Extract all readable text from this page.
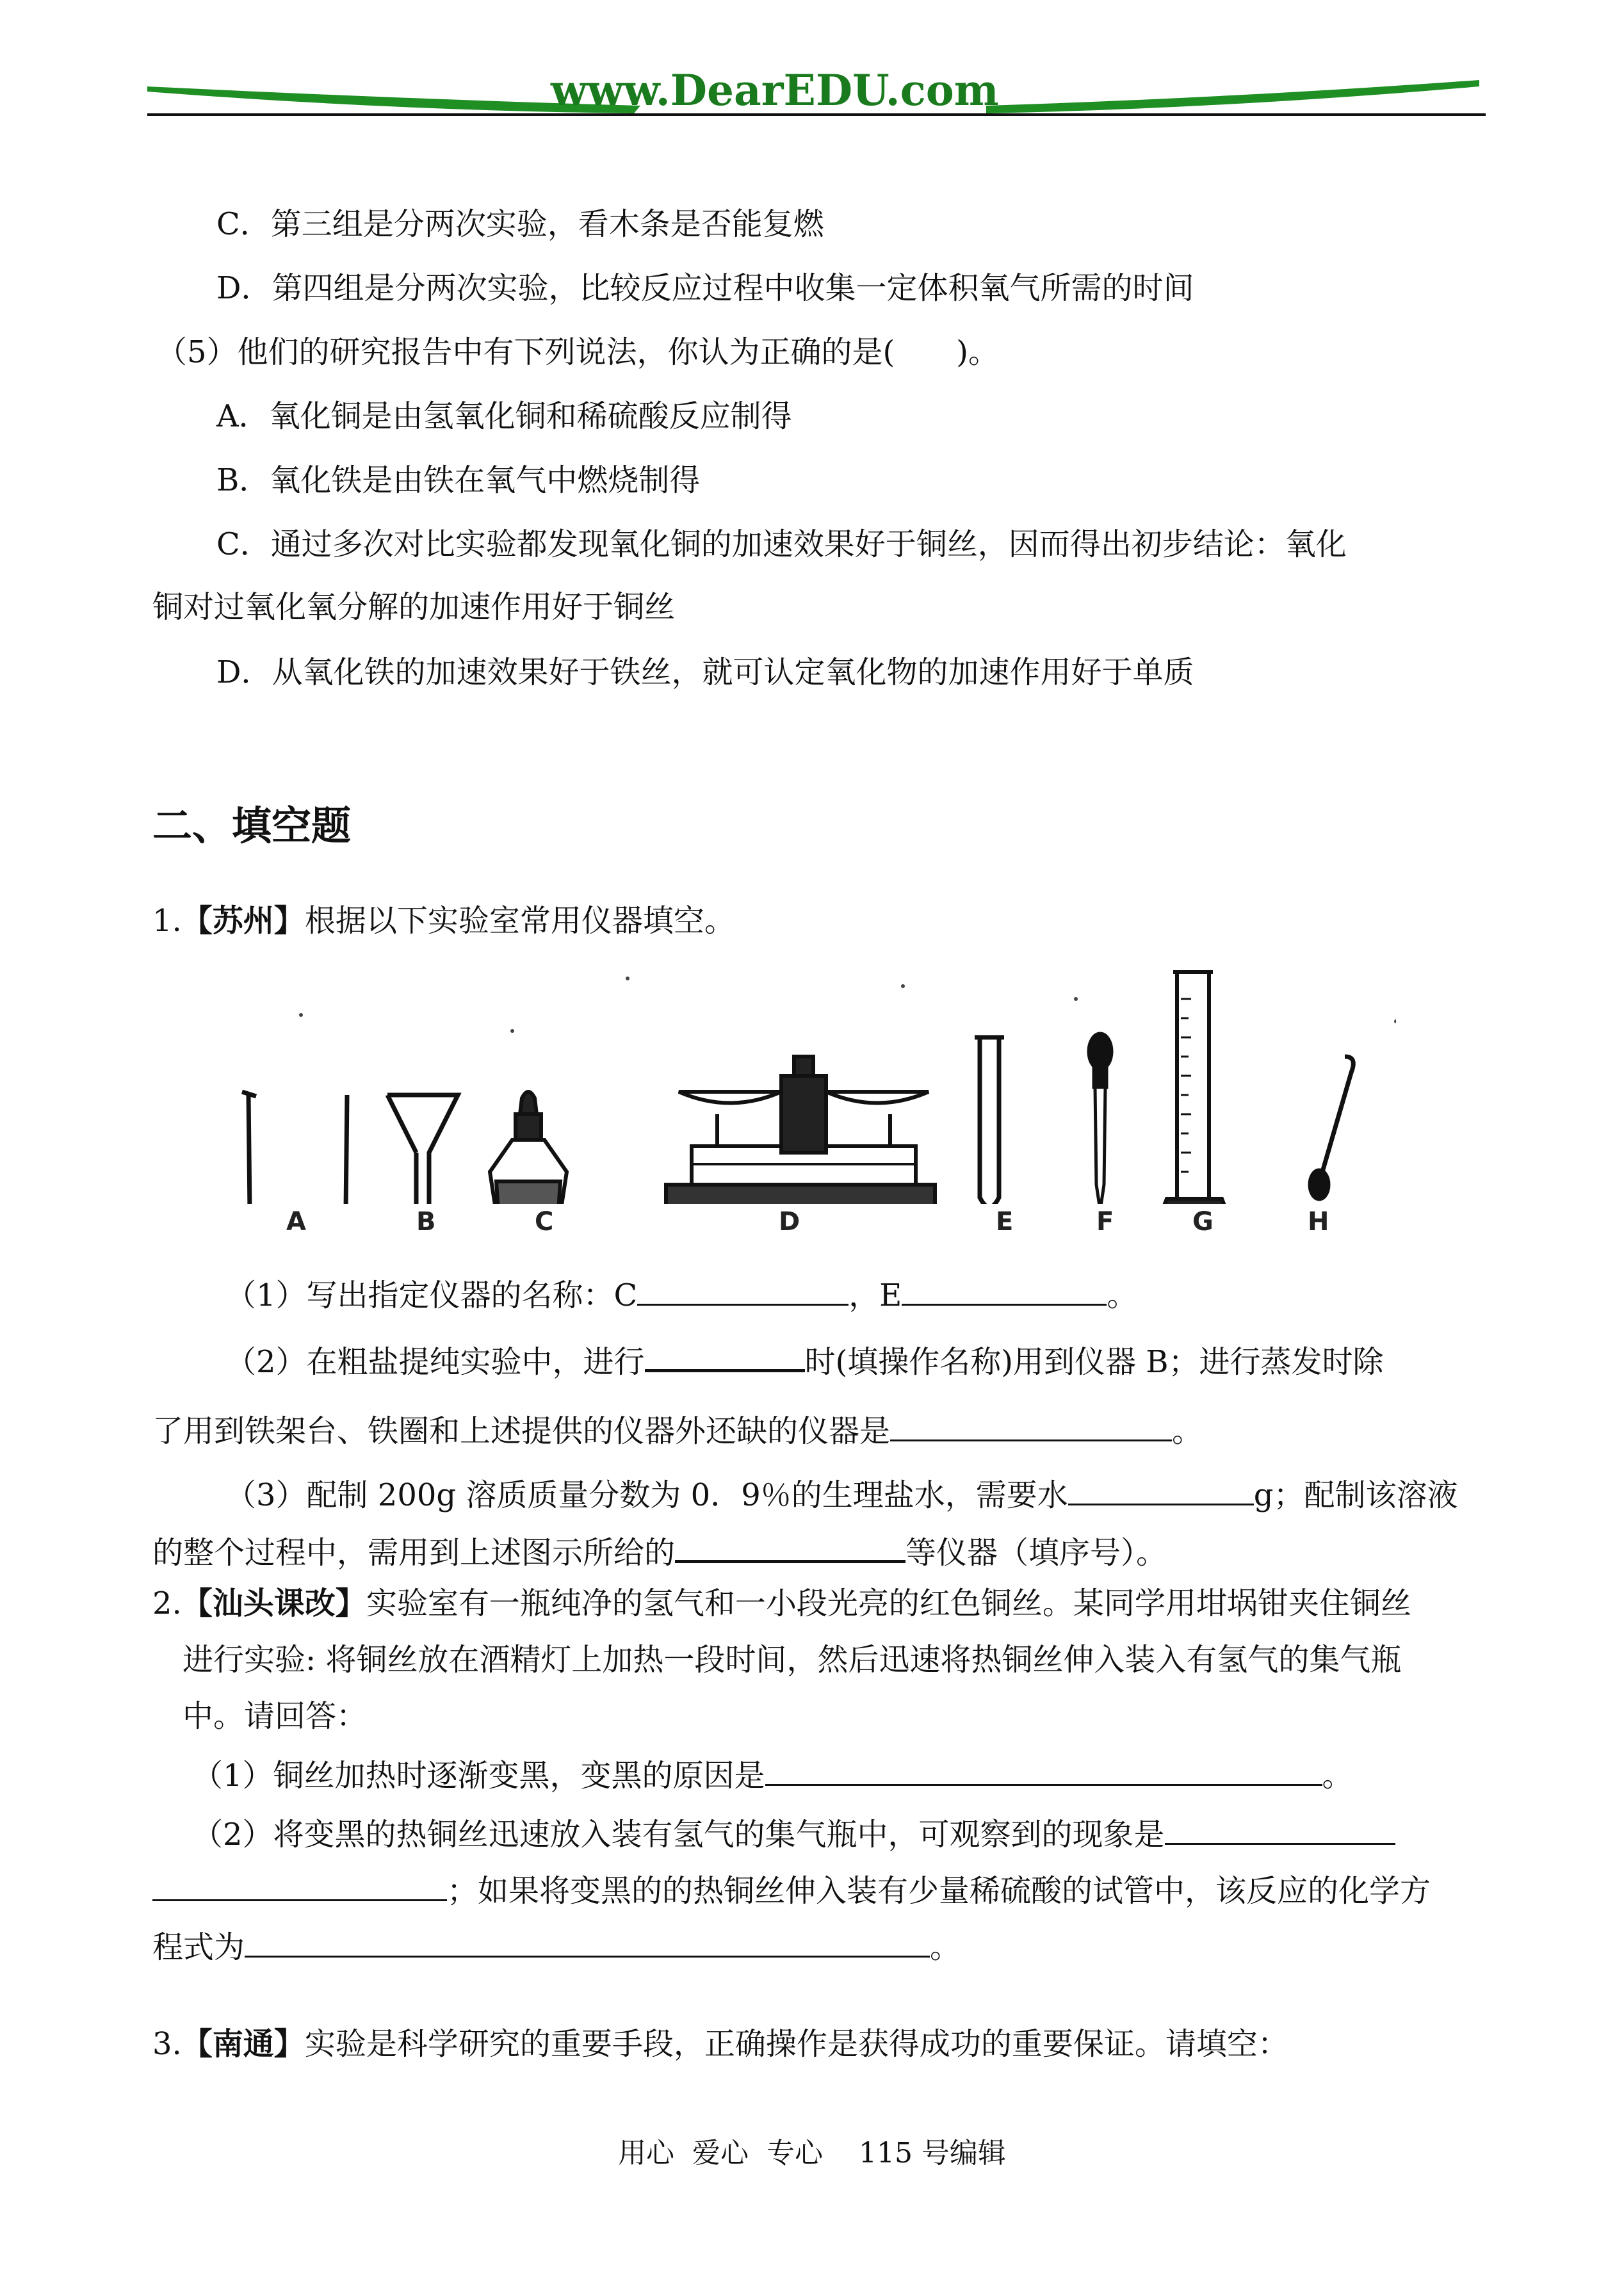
www.DearEDU.com
C．第三组是分两次实验，看木条是否能复燃
D．第四组是分两次实验，比较反应过程中收集一定体积氧气所需的时间
（5）他们的研究报告中有下列说法，你认为正确的是(　　)。
A．氧化铜是由氢氧化铜和稀硫酸反应制得
B．氧化铁是由铁在氧气中燃烧制得
C．通过多次对比实验都发现氧化铜的加速效果好于铜丝，因而得出初步结论：氧化
铜对过氧化氧分解的加速作用好于铜丝
D．从氧化铁的加速效果好于铁丝，就可认定氧化物的加速作用好于单质
二、填空题
1.【苏州】根据以下实验室常用仪器填空。
A	B	C	D	E	F	G	H
（1）写出指定仪器的名称：C	，E	。
（2）在粗盐提纯实验中，进行	时(填操作名称)用到仪器 B；进行蒸发时除
了用到铁架台、铁圈和上述提供的仪器外还缺的仪器是	。
（3）配制 200g 溶质质量分数为 0．9％的生理盐水，需要水	g；配制该溶液
的整个过程中，需用到上述图示所给的	等仪器（填序号）。
2.【汕头课改】实验室有一瓶纯净的氢气和一小段光亮的红色铜丝。某同学用坩埚钳夹住铜丝
进行实验: 将铜丝放在酒精灯上加热一段时间，然后迅速将热铜丝伸入装入有氢气的集气瓶
中。请回答：
（1）铜丝加热时逐渐变黑，变黑的原因是	。
（2）将变黑的热铜丝迅速放入装有氢气的集气瓶中，可观察到的现象是
；如果将变黑的的热铜丝伸入装有少量稀硫酸的试管中，该反应的化学方
程式为	。
3.【南通】实验是科学研究的重要手段，正确操作是获得成功的重要保证。请填空：
用心  爱心  专心    115 号编辑
